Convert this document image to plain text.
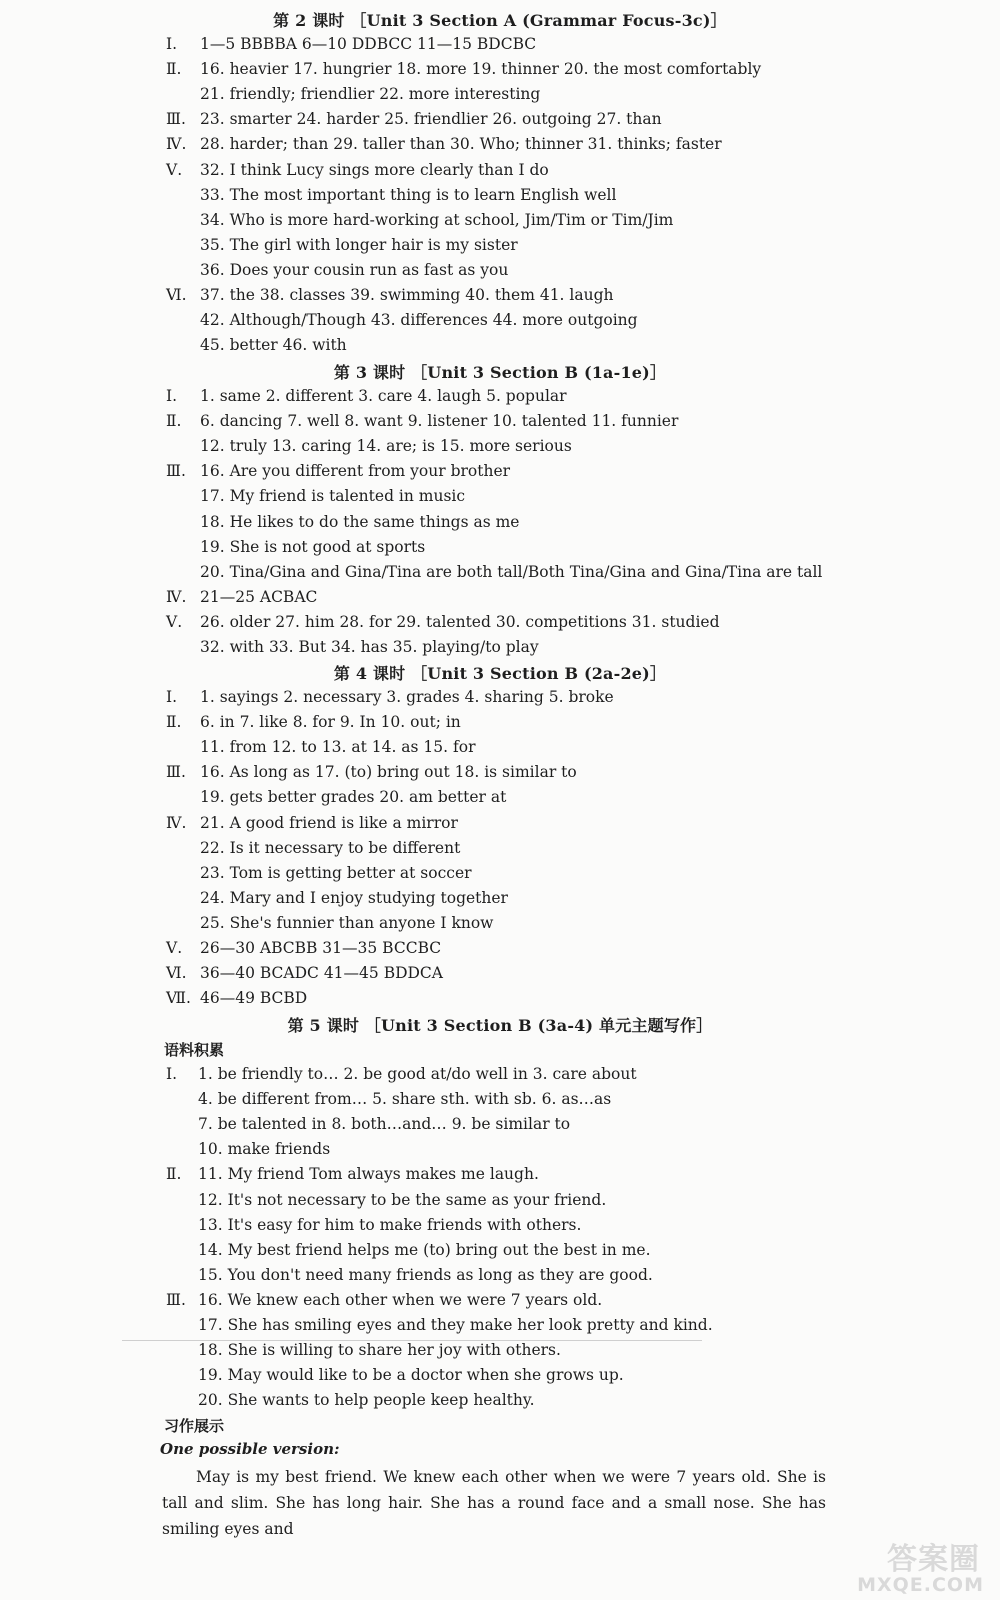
第 2 课时 ［Unit 3 Section A (Grammar Focus-3c)］
Ⅰ.	1—5 BBBBA 6—10 DDBCC 11—15 BDCBC
Ⅱ.	16. heavier 17. hungrier 18. more 19. thinner 20. the most comfortably
21. friendly; friendlier 22. more interesting
Ⅲ. 23. smarter 24. harder 25. friendlier 26. outgoing 27. than
Ⅳ. 28. harder; than 29. taller than 30. Who; thinner 31. thinks; faster
Ⅴ.	32. I think Lucy sings more clearly than I do
33. The most important thing is to learn English well
34. Who is more hard-working at school, Jim/Tim or Tim/Jim
35. The girl with longer hair is my sister
36. Does your cousin run as fast as you
Ⅵ. 37. the 38. classes 39. swimming 40. them 41. laugh
42. Although/Though 43. differences 44. more outgoing
45. better 46. with
第 3 课时 ［Unit 3 Section B (1a-1e)］
Ⅰ.	1. same 2. different 3. care 4. laugh 5. popular
Ⅱ.	6. dancing 7. well 8. want 9. listener 10. talented 11. funnier
12. truly 13. caring 14. are; is 15. more serious
Ⅲ. 16. Are you different from your brother
17. My friend is talented in music
18. He likes to do the same things as me
19. She is not good at sports
20. Tina/Gina and Gina/Tina are both tall/Both Tina/Gina and Gina/Tina are tall
Ⅳ. 21—25 ACBAC
Ⅴ.	26. older 27. him 28. for 29. talented 30. competitions 31. studied
32. with 33. But 34. has 35. playing/to play
第 4 课时 ［Unit 3 Section B (2a-2e)］
Ⅰ.	1. sayings 2. necessary 3. grades 4. sharing 5. broke
Ⅱ.	6. in 7. like 8. for 9. In 10. out; in
11. from 12. to 13. at 14. as 15. for
Ⅲ. 16. As long as 17. (to) bring out 18. is similar to
19. gets better grades 20. am better at
Ⅳ. 21. A good friend is like a mirror
22. Is it necessary to be different
23. Tom is getting better at soccer
24. Mary and I enjoy studying together
25. She's funnier than anyone I know
Ⅴ.	26—30 ABCBB 31—35 BCCBC
Ⅵ. 36—40 BCADC 41—45 BDDCA
Ⅶ. 46—49 BCBD
第 5 课时 ［Unit 3 Section B (3a-4) 单元主题写作］
语料积累
Ⅰ.	1. be friendly to… 2. be good at/do well in 3. care about
4. be different from… 5. share sth. with sb. 6. as…as
7. be talented in 8. both…and… 9. be similar to
10. make friends
Ⅱ.	11. My friend Tom always makes me laugh.
12. It's not necessary to be the same as your friend.
13. It's easy for him to make friends with others.
14. My best friend helps me (to) bring out the best in me.
15. You don't need many friends as long as they are good.
Ⅲ. 16. We knew each other when we were 7 years old.
17. She has smiling eyes and they make her look pretty and kind.
18. She is willing to share her joy with others.
19. May would like to be a doctor when she grows up.
20. She wants to help people keep healthy.
习作展示
One possible version:
May is my best friend. We knew each other when we were 7 years old. She is tall and slim. She has long hair. She has a round face and a small nose. She has smiling eyes and
答案圈
MXQE.COM
